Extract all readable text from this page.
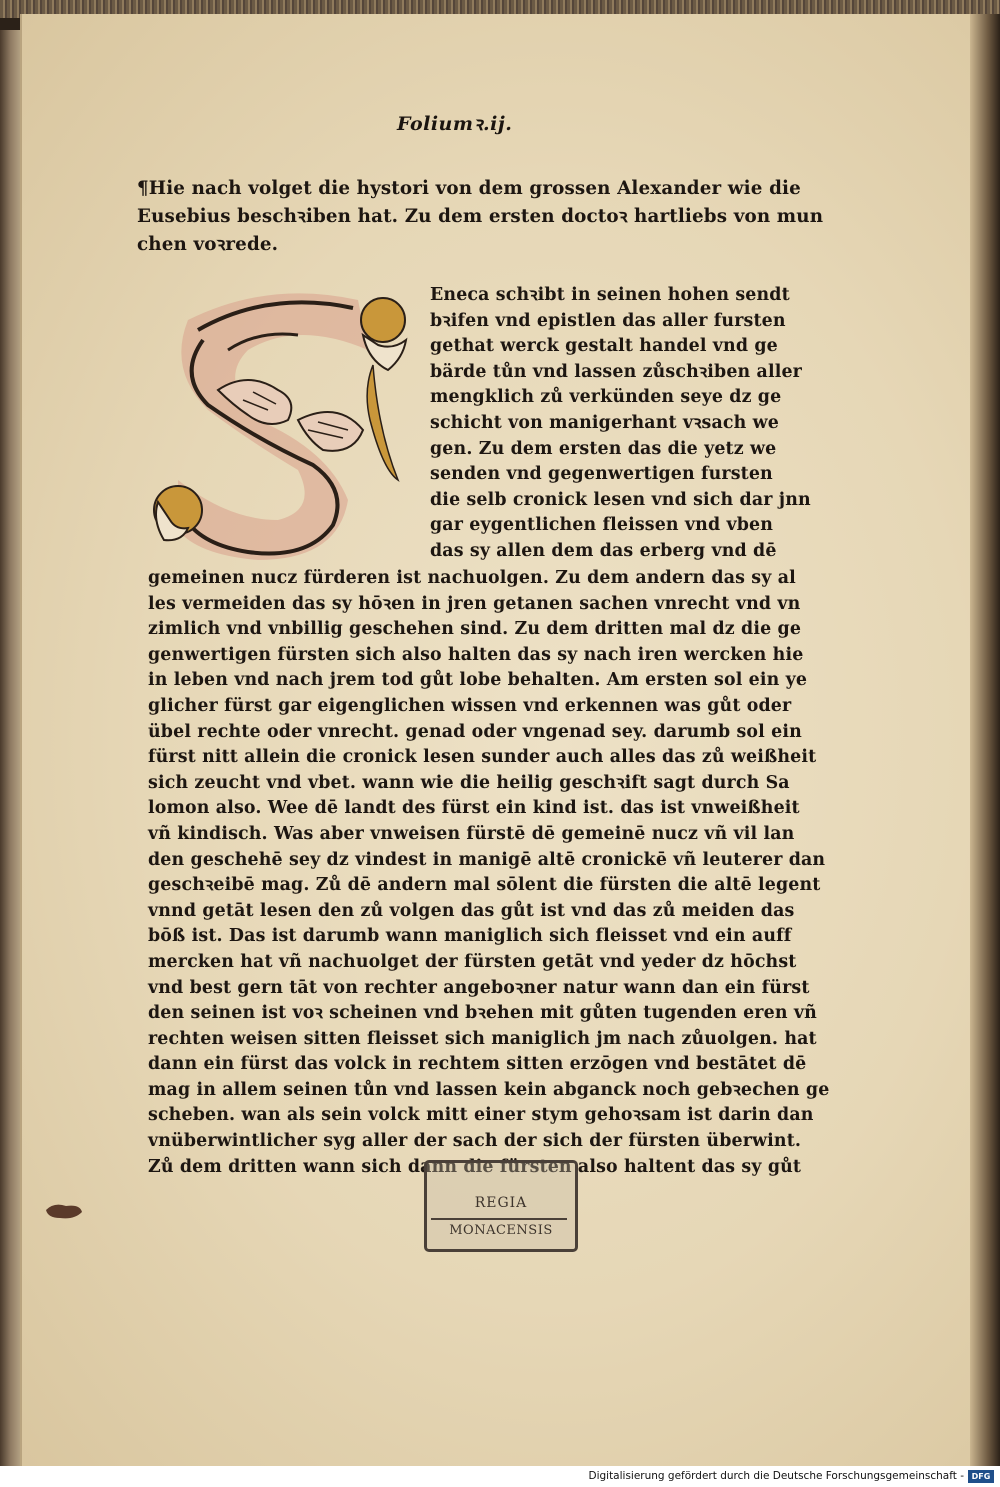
Foliumꝛ.ij.
¶Hie nach volget die hystori von dem grossen Alexander wie die
Eusebius beschꝛiben hat. Zu dem ersten doctoꝛ hartliebs von mun
chen voꝛrede.
Eneca schꝛibt in seinen hohen sendt
bꝛifen vnd epistlen das aller fursten
gethat werck gestalt handel vnd ge
bärde tůn vnd lassen zůschꝛiben aller
mengklich zů verkünden seye dz ge
schicht von manigerhant vꝛsach we
gen. Zu dem ersten das die yetz we
senden vnd gegenwertigen fursten
die selb cronick lesen vnd sich dar jnn
gar eygentlichen fleissen vnd vben
das sy allen dem das erberg vnd dē
gemeinen nucz fürderen ist nachuolgen. Zu dem andern das sy al
les vermeiden das sy hōꝛen in jren getanen sachen vnrecht vnd vn
zimlich vnd vnbillig geschehen sind. Zu dem dritten mal dz die ge
genwertigen fürsten sich also halten das sy nach iren wercken hie
in leben vnd nach jrem tod gůt lobe behalten. Am ersten sol ein ye
glicher fürst gar eigenglichen wissen vnd erkennen was gůt oder
übel rechte oder vnrecht. genad oder vngenad sey. darumb sol ein
fürst nitt allein die cronick lesen sunder auch alles das zů weißheit
sich zeucht vnd vbet. wann wie die heilig geschꝛift sagt durch Sa
lomon also. Wee dē landt des fürst ein kind ist. das ist vnweißheit
vñ kindisch. Was aber vnweisen fürstē dē gemeinē nucz vñ vil lan
den geschehē sey dz vindest in manigē altē cronickē vñ leuterer dan
geschꝛeibē mag. Zů dē andern mal sōlent die fürsten die altē legent
vnnd getāt lesen den zů volgen das gůt ist vnd das zů meiden das
bōß ist. Das ist darumb wann maniglich sich fleisset vnd ein auff
mercken hat vñ nachuolget der fürsten getāt vnd yeder dz hōchst
vnd best gern tāt von rechter angeboꝛner natur wann dan ein fürst
den seinen ist voꝛ scheinen vnd bꝛehen mit gůten tugenden eren vñ
rechten weisen sitten fleisset sich maniglich jm nach zůuolgen. hat
dann ein fürst das volck in rechtem sitten erzōgen vnd bestātet dē
mag in allem seinen tůn vnd lassen kein abganck noch gebꝛechen ge
scheben. wan als sein volck mitt einer stym gehoꝛsam ist darin dan
vnüberwintlicher syg aller der sach der sich der fürsten überwint.
Zů dem dritten wann sich dann die fürsten also haltent das sy gůt
REGIA
MONACENSIS
Digitalisierung gefördert durch die Deutsche Forschungsgemeinschaft - DFG
